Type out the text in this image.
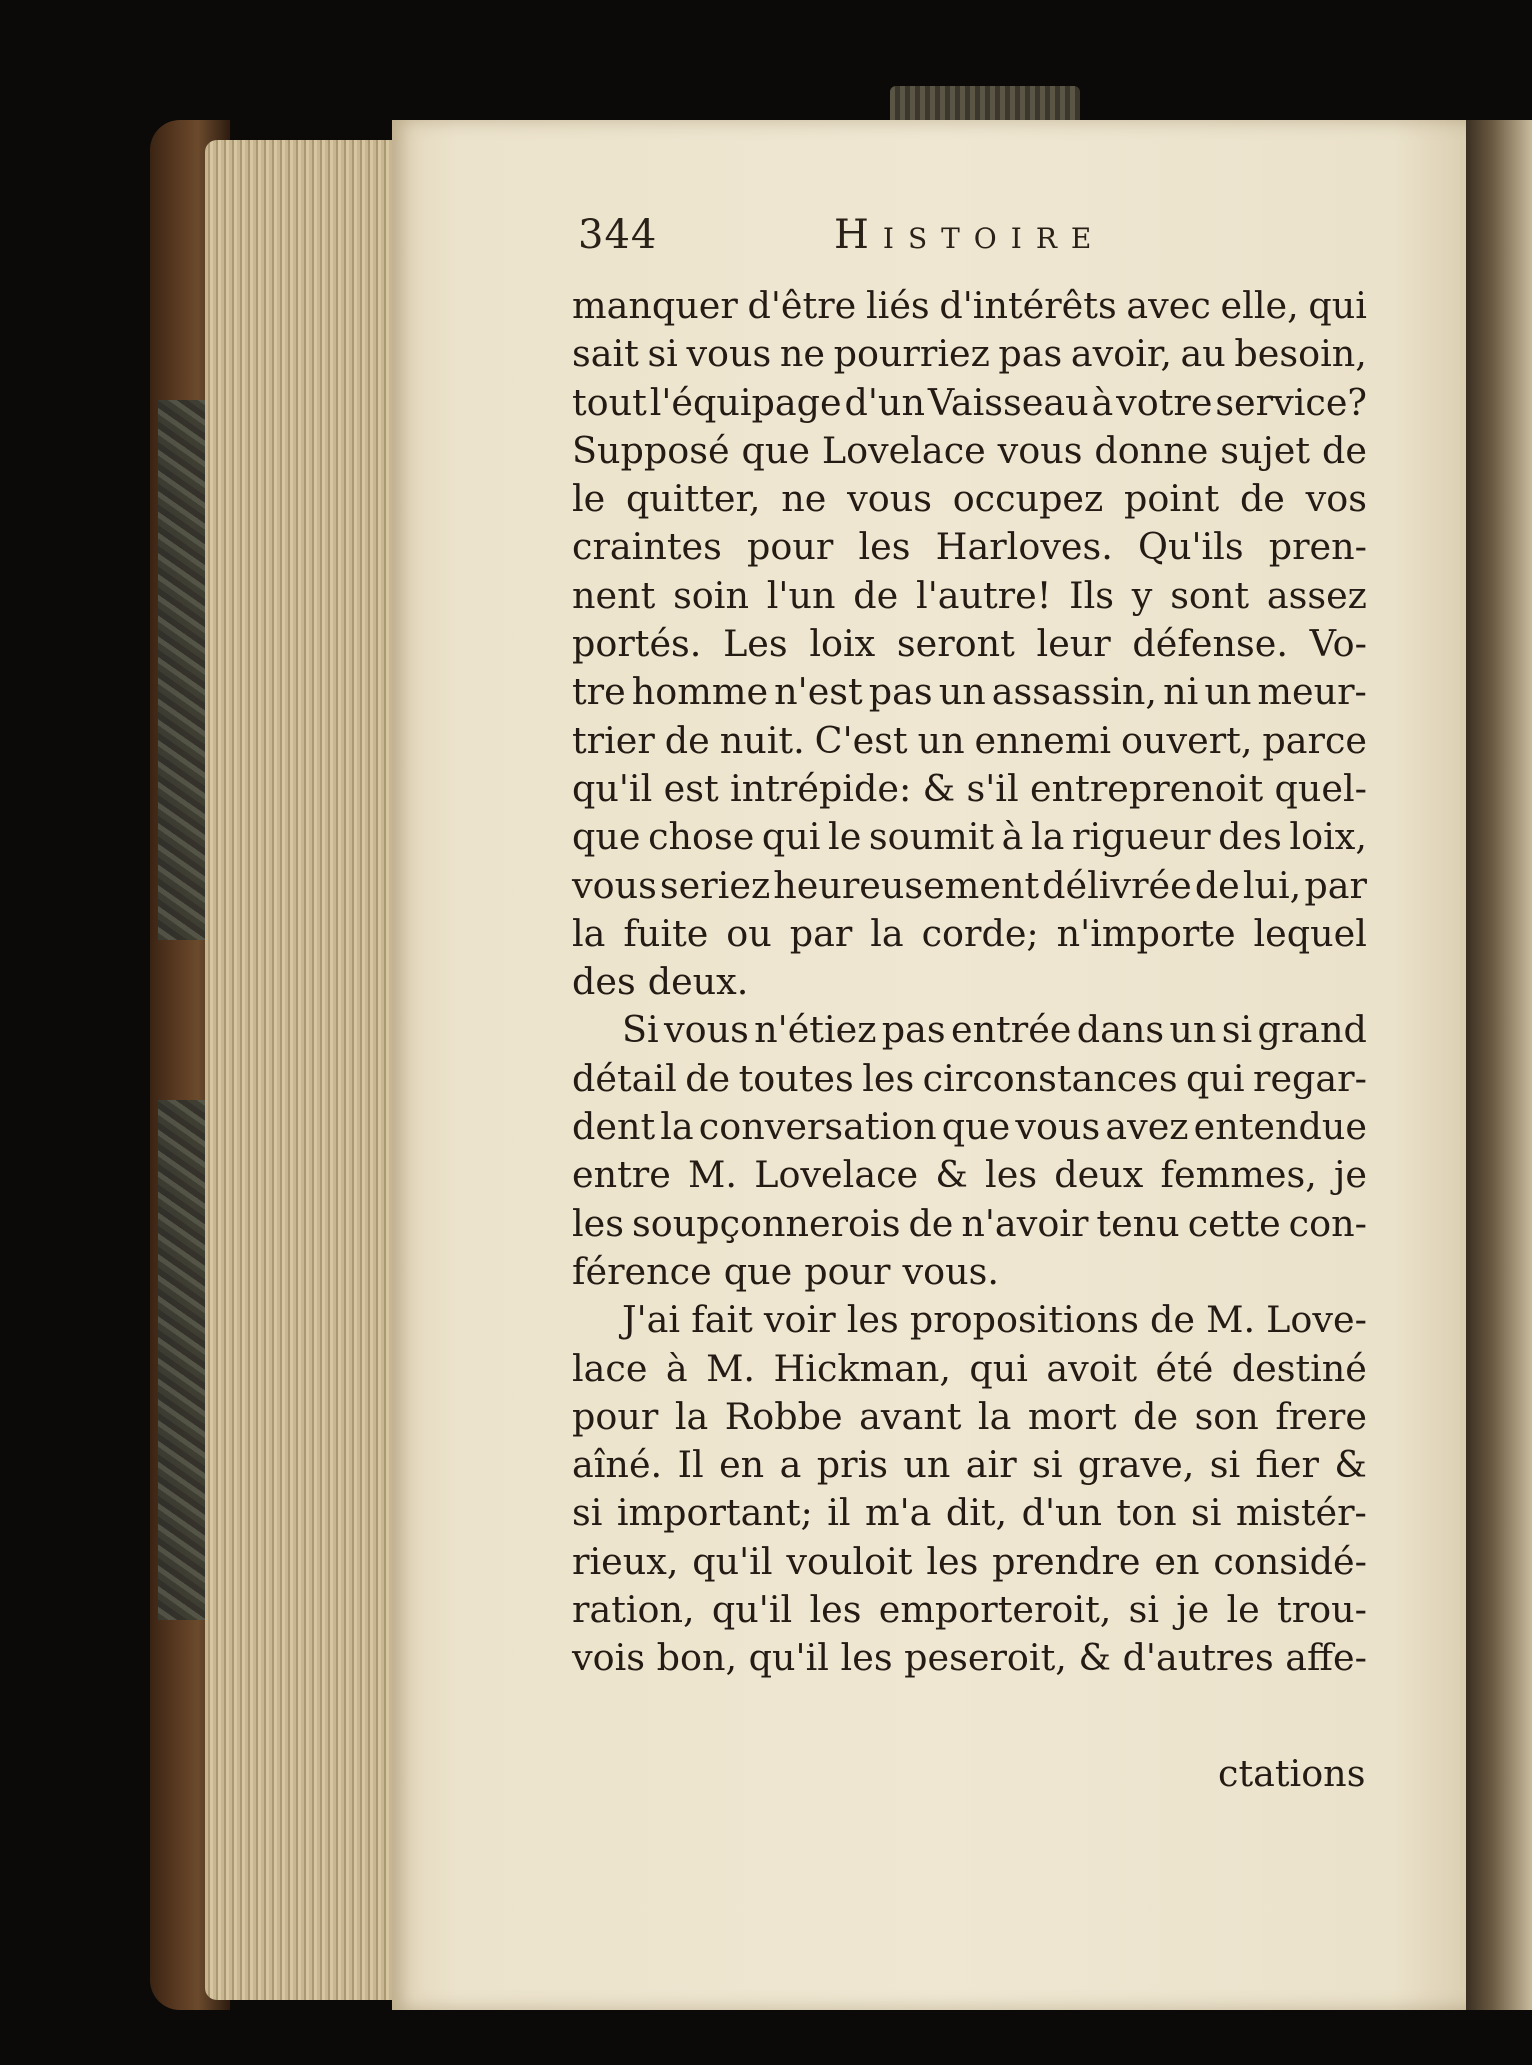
344	Histoire
manquer d'être liés d'intérêts avec elle, qui
sait si vous ne pourriez pas avoir, au besoin,
tout l'équipage d'un Vaisseau à votre service?
Supposé que Lovelace vous donne sujet de
le quitter, ne vous occupez point de vos
craintes pour les Harloves. Qu'ils pren-
nent soin l'un de l'autre! Ils y sont assez
portés. Les loix seront leur défense. Vo-
tre homme n'est pas un assassin, ni un meur-
trier de nuit. C'est un ennemi ouvert, parce
qu'il est intrépide: & s'il entreprenoit quel-
que chose qui le soumit à la rigueur des loix,
vous seriez heureusement délivrée de lui, par
la fuite ou par la corde; n'importe lequel
des deux.
Si vous n'étiez pas entrée dans un si grand
détail de toutes les circonstances qui regar-
dent la conversation que vous avez entendue
entre M. Lovelace & les deux femmes, je
les soupçonnerois de n'avoir tenu cette con-
férence que pour vous.
J'ai fait voir les propositions de M. Love-
lace à M. Hickman, qui avoit été destiné
pour la Robbe avant la mort de son frere
aîné. Il en a pris un air si grave, si fier &
si important; il m'a dit, d'un ton si mistér-
rieux, qu'il vouloit les prendre en considé-
ration, qu'il les emporteroit, si je le trou-
vois bon, qu'il les peseroit, & d'autres affe-
ctations
